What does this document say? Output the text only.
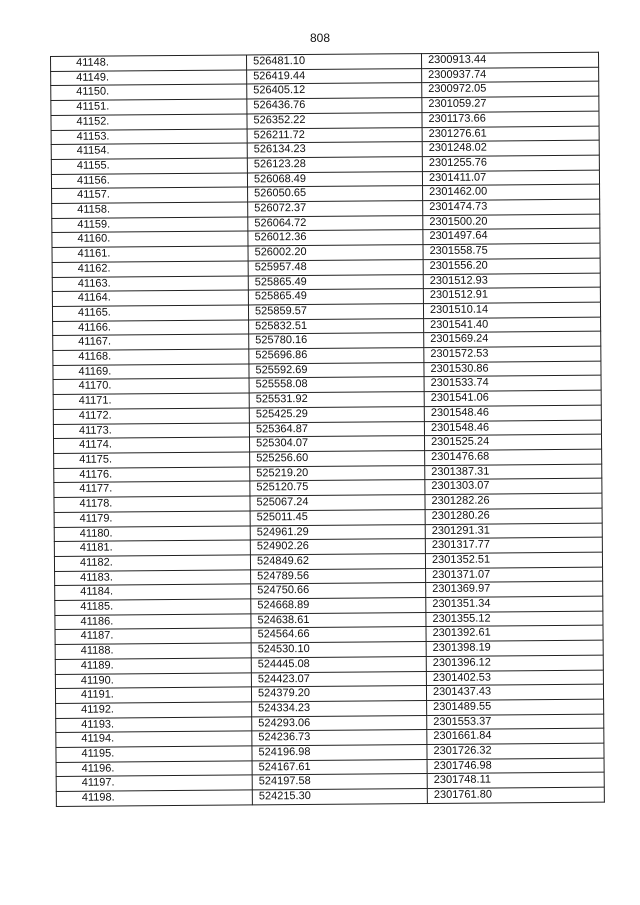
808
41148.	526481.10	2300913.44
41149.	526419.44	2300937.74
41150.	526405.12	2300972.05
41151.	526436.76	2301059.27
41152.	526352.22	2301173.66
41153.	526211.72	2301276.61
41154.	526134.23	2301248.02
41155.	526123.28	2301255.76
41156.	526068.49	2301411.07
41157.	526050.65	2301462.00
41158.	526072.37	2301474.73
41159.	526064.72	2301500.20
41160.	526012.36	2301497.64
41161.	526002.20	2301558.75
41162.	525957.48	2301556.20
41163.	525865.49	2301512.93
41164.	525865.49	2301512.91
41165.	525859.57	2301510.14
41166.	525832.51	2301541.40
41167.	525780.16	2301569.24
41168.	525696.86	2301572.53
41169.	525592.69	2301530.86
41170.	525558.08	2301533.74
41171.	525531.92	2301541.06
41172.	525425.29	2301548.46
41173.	525364.87	2301548.46
41174.	525304.07	2301525.24
41175.	525256.60	2301476.68
41176.	525219.20	2301387.31
41177.	525120.75	2301303.07
41178.	525067.24	2301282.26
41179.	525011.45	2301280.26
41180.	524961.29	2301291.31
41181.	524902.26	2301317.77
41182.	524849.62	2301352.51
41183.	524789.56	2301371.07
41184.	524750.66	2301369.97
41185.	524668.89	2301351.34
41186.	524638.61	2301355.12
41187.	524564.66	2301392.61
41188.	524530.10	2301398.19
41189.	524445.08	2301396.12
41190.	524423.07	2301402.53
41191.	524379.20	2301437.43
41192.	524334.23	2301489.55
41193.	524293.06	2301553.37
41194.	524236.73	2301661.84
41195.	524196.98	2301726.32
41196.	524167.61	2301746.98
41197.	524197.58	2301748.11
41198.	524215.30	2301761.80
